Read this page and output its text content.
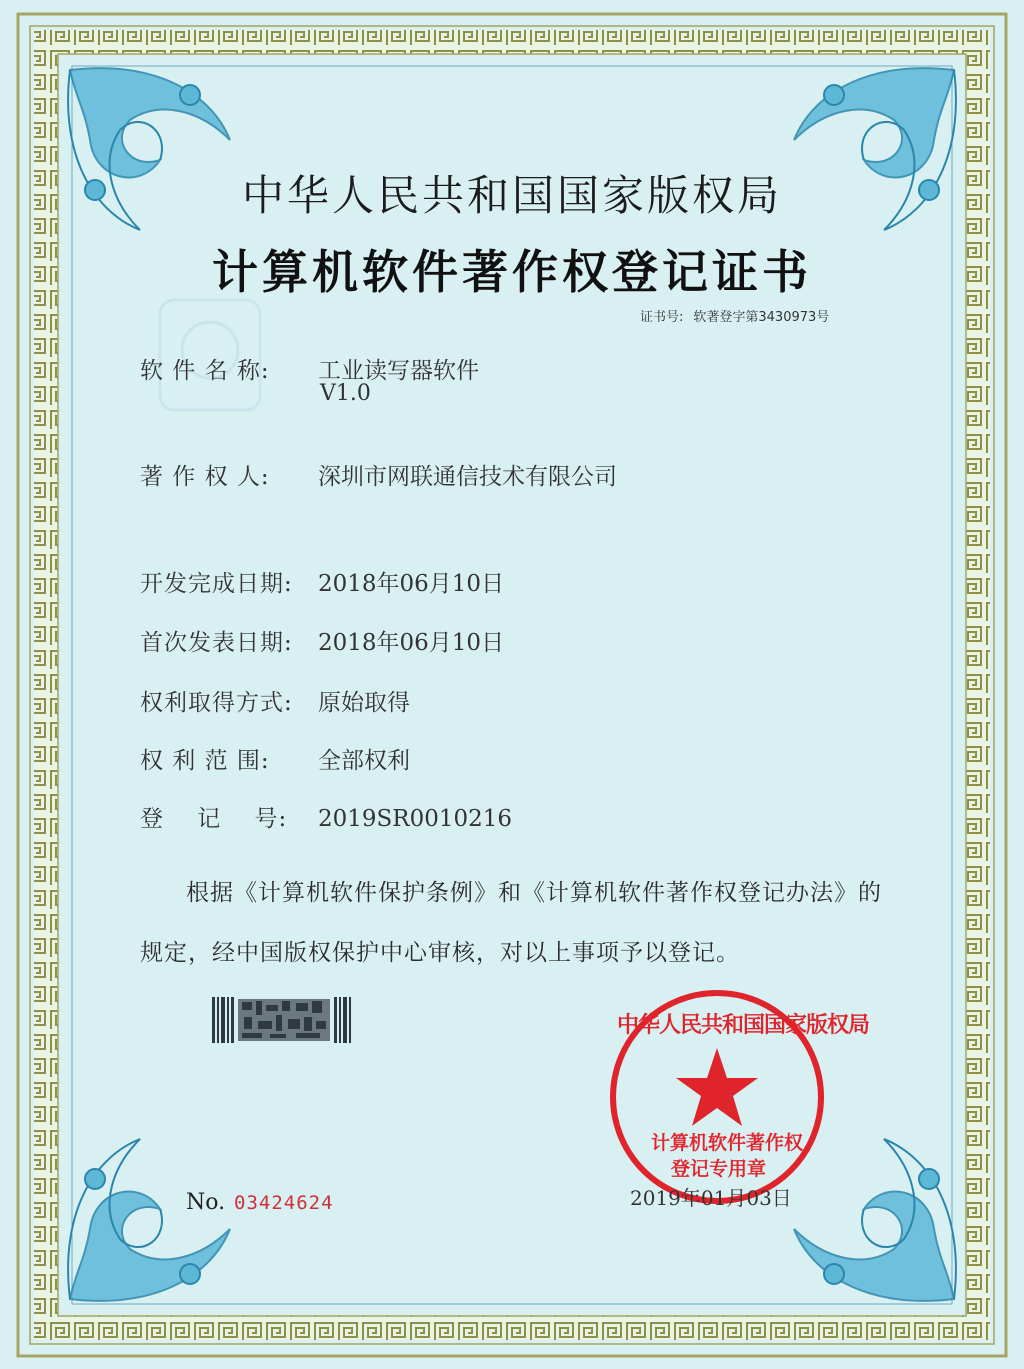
中华人民共和国国家版权局
计算机软件著作权登记证书
证书号: 软著登字第3430973号
软 件 名 称: 工业读写器软件
V1.0
著 作 权 人: 深圳市网联通信技术有限公司
开发完成日期: 2018年06月10日
首次发表日期: 2018年06月10日
权利取得方式: 原始取得
权 利 范 围: 全部权利
登    记    号: 2019SR0010216
根据《计算机软件保护条例》和《计算机软件著作权登记办法》的
规定，经中国版权保护中心审核，对以上事项予以登记。
中华人民共和国国家版权局
计算机软件著作权
登记专用章
No. 03424624	2019年01月03日
